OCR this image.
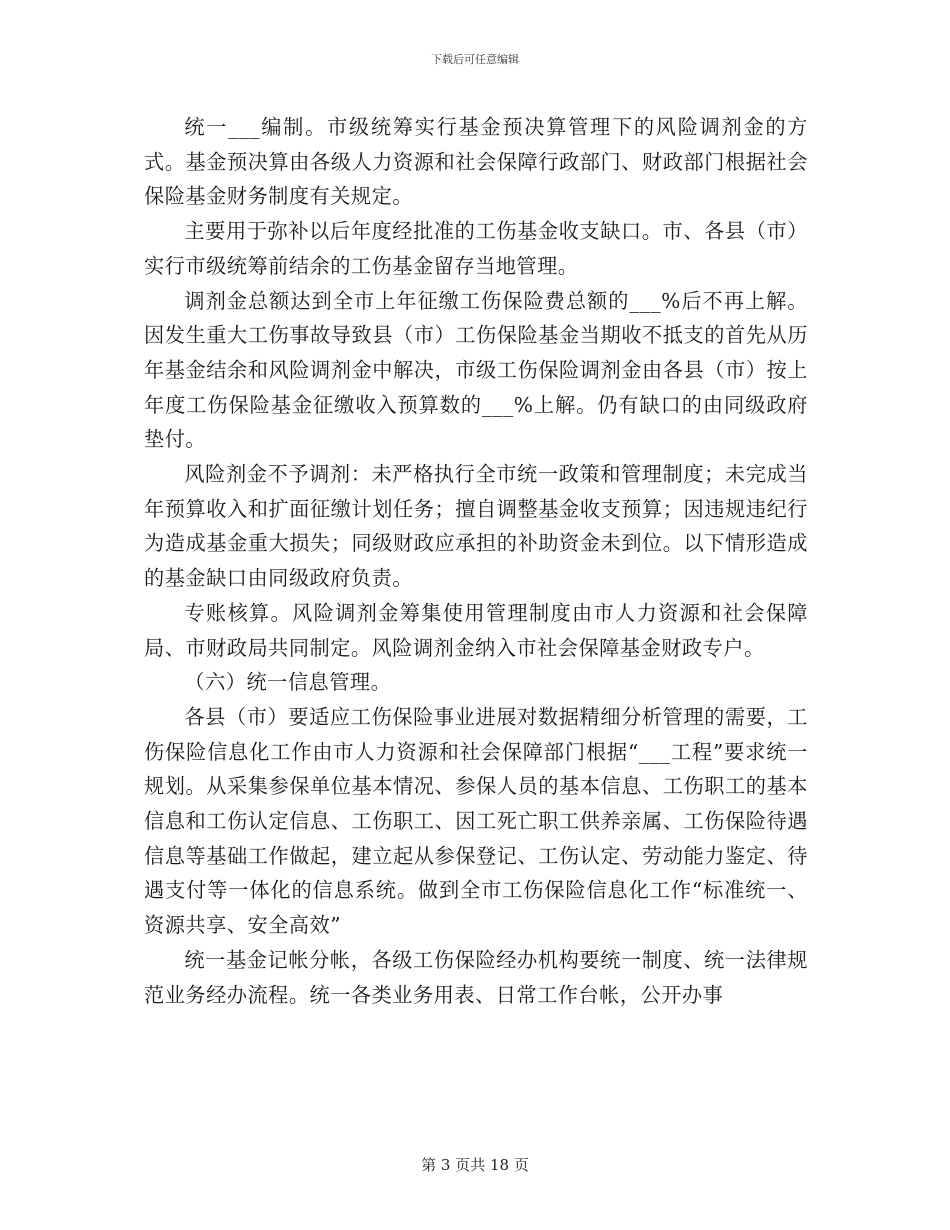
下载后可任意编辑

统一___编制。市级统筹实行基金预决算管理下的风险调剂金的方式。基金预决算由各级人力资源和社会保障行政部门、财政部门根据社会保险基金财务制度有关规定。

主要用于弥补以后年度经批准的工伤基金收支缺口。市、各县（市）实行市级统筹前结余的工伤基金留存当地管理。

调剂金总额达到全市上年征缴工伤保险费总额的___%后不再上解。因发生重大工伤事故导致县（市）工伤保险基金当期收不抵支的首先从历年基金结余和风险调剂金中解决，市级工伤保险调剂金由各县（市）按上年度工伤保险基金征缴收入预算数的___%上解。仍有缺口的由同级政府垫付。

风险剂金不予调剂：未严格执行全市统一政策和管理制度；未完成当年预算收入和扩面征缴计划任务；擅自调整基金收支预算；因违规违纪行为造成基金重大损失；同级财政应承担的补助资金未到位。以下情形造成的基金缺口由同级政府负责。

专账核算。风险调剂金筹集使用管理制度由市人力资源和社会保障局、市财政局共同制定。风险调剂金纳入市社会保障基金财政专户。

（六）统一信息管理。

各县（市）要适应工伤保险事业进展对数据精细分析管理的需要，工伤保险信息化工作由市人力资源和社会保障部门根据“___工程”要求统一规划。从采集参保单位基本情况、参保人员的基本信息、工伤职工的基本信息和工伤认定信息、工伤职工、因工死亡职工供养亲属、工伤保险待遇信息等基础工作做起，建立起从参保登记、工伤认定、劳动能力鉴定、待遇支付等一体化的信息系统。做到全市工伤保险信息化工作“标准统一、资源共享、安全高效”

统一基金记帐分帐，各级工伤保险经办机构要统一制度、统一法律规范业务经办流程。统一各类业务用表、日常工作台帐，公开办事

第 3 页共 18 页
